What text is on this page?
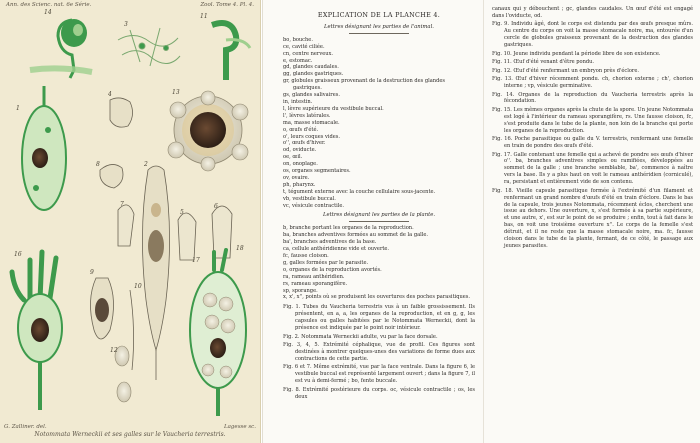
Ann. des Scienc. nat. 6e Série.	Zool. Tome 4. Pl. 4.
14
3
11
1
4
8
13
5
6
7
16
2
18
9
10
12
17
G. Zalliner. del.	Lagesse sc.
Notommata Werneckii et ses galles sur le Vaucheria terrestris.
EXPLICATION DE LA PLANCHE 4.
Lettres désignant les parties de l'animal.
bo, bouche.
ce, cavité ciliée.
cn, centre nerveux.
e, estomac.
gd, glandes caudales.
gg, glandes gastriques.
gr, globules graisseux provenant de la destruction des glandes gastriques.
gs, glandes salivaires.
in, intestin.
l, lèvre supérieure du vestibule buccal.
l', lèvres latérales.
ma, masse stomacale.
o, œufs d'été.
o', leurs coques vides.
o'', œufs d'hiver.
od, oviducte.
oe, œil.
on, onoplage.
os, organes segmentaires.
ov, ovaire.
ph, pharynx.
t, tégument externe avec la couche cellulaire sous-jacente.
vb, vestibule buccal.
vc, vésicule contractile.
Lettres désignant les parties de la plante.
b, branche portant les organes de la reproduction.
ba, branches adventives formées au sommet de la galle.
ba', branches adventives de la base.
ca, cellule anthéridienne vide et ouverte.
fc, fausse cloison.
g, galles formées par le parasite.
o, organes de la reproduction avortés.
ra, rameau anthéridien.
rs, rameau sporangifère.
sp, sporange.
x, x', x'', points où se produisent les ouvertures des poches parasitiques.
Fig. 1. Tubes du Vaucheria terrestris vus à un faible grossissement. Ils présentent, en a, a, les organes de la reproduction, et en g, g, les capsules ou galles habitées par le Notommata Werneckii, dont la présence est indiquée par le point noir intérieur.
Fig. 2. Notommata Werneckii adulte, vu par la face dorsale.
Fig. 3, 4, 5. Extrémité céphalique, vue de profil. Ces figures sont destinées à montrer quelques-unes des variations de forme dues aux contractions de cette partie.
Fig. 6 et 7. Même extrémité, vue par la face ventrale. Dans la figure 6, le vestibule buccal est représenté largement ouvert ; dans la figure 7, il est vu à demi-fermé ; bo, fente buccale.
Fig. 8. Extrémité postérieure du corps. oc, vésicule contractile ; os, les deux
canaux qui y débouchent ; gc, glandes caudales. Un œuf d'été est engagé dans l'oviducte, od.
Fig. 9. Individu âgé, dont le corps est distendu par des œufs presque mûrs. Au centre du corps on voit la masse stomacale noire, ma, entourée d'un cercle de globules graisseux provenant de la destruction des glandes gastriques.
Fig. 10. Jeune individu pendant la période libre de son existence.
Fig. 11. Œuf d'été venant d'être pondu.
Fig. 12. Œuf d'été renfermant un embryon près d'éclore.
Fig. 13. Œuf d'hiver récemment pondu. ch, chorion externe ; ch', chorion interne ; vp, vésicule germinative.
Fig. 14. Organes de la reproduction du Vaucheria terrestris après la fécondation.
Fig. 15. Les mêmes organes après la chute de la spore. Un jeune Notommata est logé à l'intérieur du rameau sporangifère, rs. Une fausse cloison, fc, s'est produite dans le tube de la plante, non loin de la branche qui porte les organes de la reproduction.
Fig. 16. Poche parasitique ou galle du V. terrestris, renfermant une femelle en train de pondre des œufs d'été.
Fig. 17. Galle contenant une femelle qui a achevé de pondre ses œufs d'hiver o''. ba, branches adventives simples ou ramifiées, développées au sommet de la galle ; une branche semblable, ba', commence à naître vers la base. Ils y a plus haut on voit le rameau anthéridien (corniculé), ra, persistant et entièrement vide de son contenu.
Fig. 18. Vieille capsule parasitique formée à l'extrémité d'un filament et renfermant un grand nombre d'œufs d'été en train d'éclore. Dans le bas de la capsule, trois jeunes Notommata, récemment éclos, cherchent une issue au dehors. Une ouverture, x, s'est formée à sa partie supérieure, et une autre, x', est sur le point de se produire ; enfin, tout à fait dans le bas, on voit une troisième ouverture x''. Le corps de la femelle s'est détruit, et il ne reste que la masse stomacale noire, ma. fc, fausse cloison dans le tube de la plante, fermant, de ce côté, le passage aux jeunes parasites.
